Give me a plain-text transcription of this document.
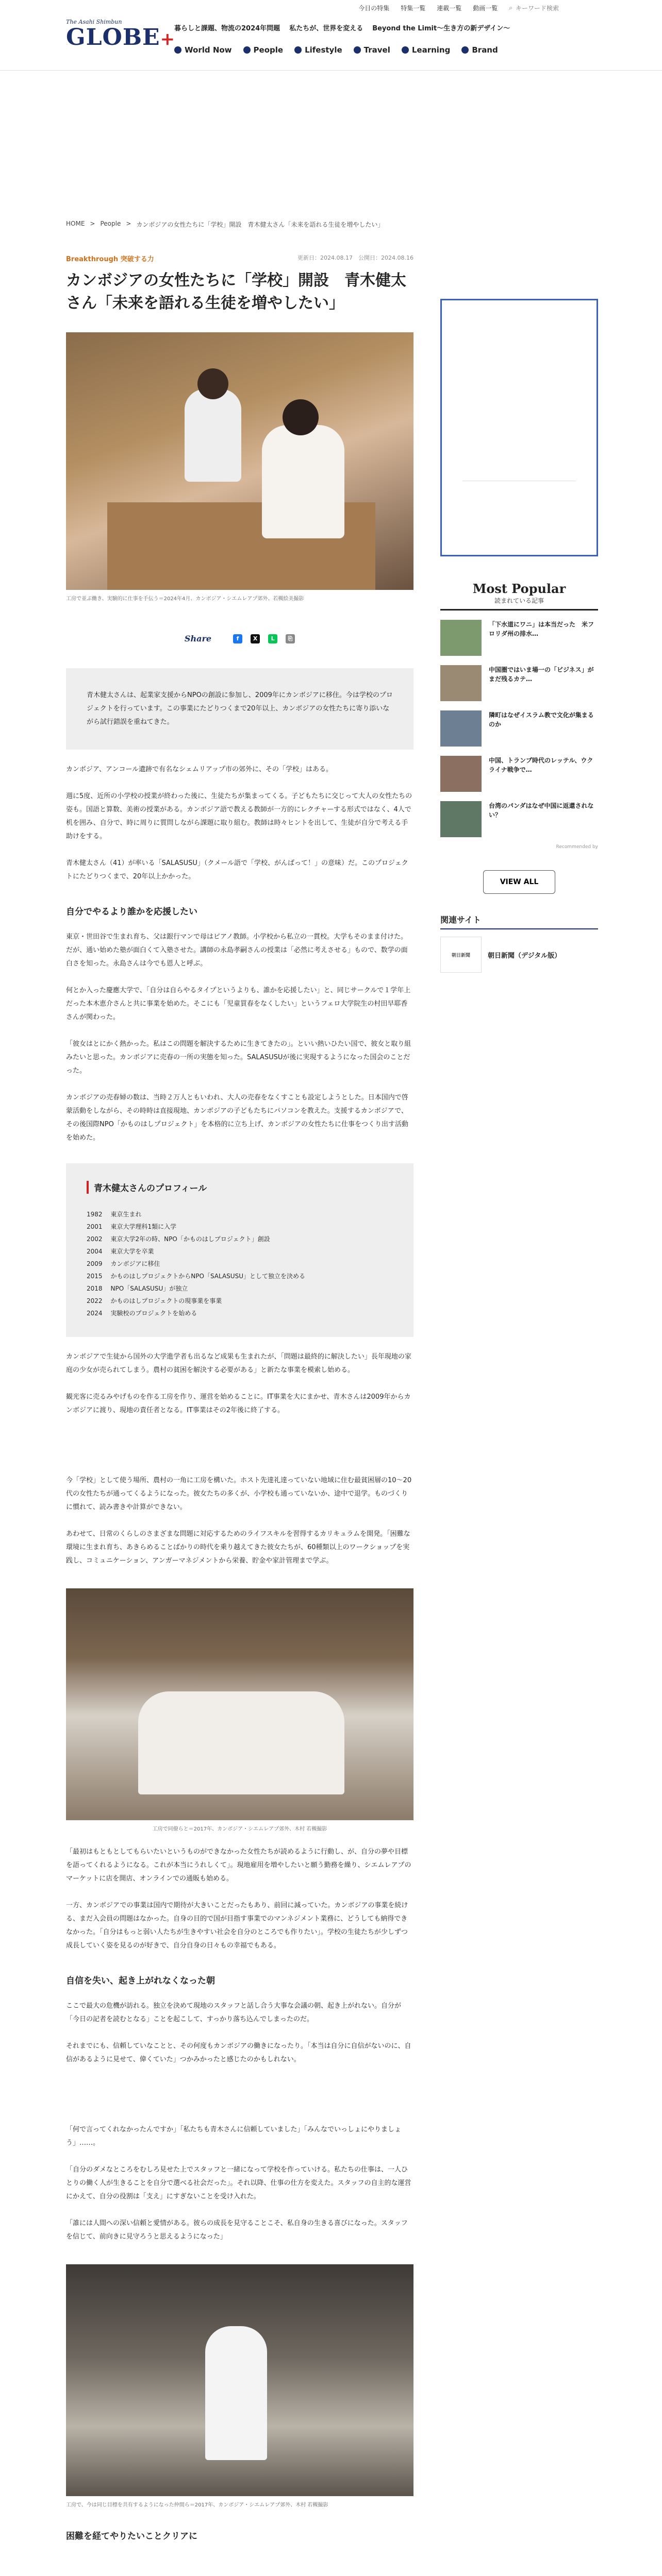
今日の特集 特集一覧 連載一覧 動画一覧 ⌕ キーワード検索
The Asahi Shimbun
GLOBE+
暮らしと課題、物流の2024年問題 私たちが、世界を変える Beyond the Limit〜生き方の新デザイン〜
World Now	People	Lifestyle	Travel	Learning	Brand
HOME > People > カンボジアの女性たちに「学校」開設　青木健太さん「未来を語れる生徒を増やしたい」
Breakthrough 突破する力	更新日：2024.08.17　公開日：2024.08.16
カンボジアの女性たちに「学校」開設　青木健太さん「未来を語れる生徒を増やしたい」
工房で並ぶ働き、実験的に仕事を手伝う＝2024年4月、カンボジア・シエムレアプ郊外、若槻絵美撮影
Share	f	X	L	⎘
青木健太さんは、起業家支援からNPOの創設に参加し、2009年にカンボジアに移住。今は学校のプロジェクトを行っています。この事業にたどりつくまで20年以上、カンボジアの女性たちに寄り添いながら試行錯誤を重ねてきた。

カンボジア、アンコール遺跡で有名なシェムリアップ市の郊外に、その「学校」はある。

週に5度、近所の小学校の授業が終わった後に、生徒たちが集まってくる。子どもたちに交じって大人の女性たちの姿も。国語と算数、美術の授業がある。カンボジア語で教える教師が一方的にレクチャーする形式ではなく、4人で机を囲み、自分で、時に周りに質問しながら課題に取り組む。教師は時々ヒントを出して、生徒が自分で考える手助けをする。

青木健太さん（41）が率いる「SALASUSU」（クメール語で「学校、がんばって！」の意味）だ。このプロジェクトにたどりつくまで、20年以上かかった。

自分でやるより誰かを応援したい

東京・世田谷で生まれ育ち、父は銀行マンで母はピアノ教師。小学校から私立の一貫校。大学もそのまま付けた。だが、通い始めた塾が面白くて入塾させた。講師の永島孝嗣さんの授業は「必然に考えさせる」もので、数学の面白さを知った。永島さんは今でも恩人と呼ぶ。

何とか入った慶應大学で、「自分は自らやるタイプというよりも、誰かを応援したい」と、同じサークルで１学年上だった本木恵介さんと共に事業を始めた。そこにも「児童買春をなくしたい」というフェロ大学院生の村田早耶香さんが関わった。

「彼女はとにかく熱かった。私はこの問題を解決するために生きてきたの」。といい熱いひたい国で、彼女と取り組みたいと思った。カンボジアに売春の一所の実態を知った。SALASUSUが後に実現するようになった国会のことだった。

カンボジアの売春婦の数は、当時２万人ともいわれ、大人の売春をなくすことも設定しようとした。日本国内で啓蒙活動をしながら、その時時は直接現地、カンボジアの子どもたちにパソコンを教えた。支援するカンボジアで、その後国際NPO「かものはしプロジェクト」を本格的に立ち上げ、カンボジアの女性たちに仕事をつくり出す活動を始めた。

青木健太さんのプロフィール
1982 東京生まれ
2001 東京大学理科1類に入学
2002 東京大学2年の時、NPO「かものはしプロジェクト」創設
2004 東京大学を卒業
2009 カンボジアに移住
2015 かものはしプロジェクトからNPO「SALASUSU」として独立を決める
2018 NPO「SALASUSU」が独立
2022 かものはしプロジェクトの現事業を事業
2024 実験校のプロジェクトを始める

カンボジアで生徒から国外の大学進学者も出るなど成果も生まれたが、「問題は最終的に解決したい」長年現地の家庭の少女が売られてしまう。農村の貧困を解決する必要がある」と新たな事業を模索し始める。

観光客に売るみやげものを作る工房を作り、運営を始めることに。IT事業を大にまかせ、青木さんは2009年からカンボジアに渡り、現地の責任者となる。IT事業はその2年後に終了する。

今「学校」として使う場所、農村の一角に工房を構いた。ホスト先達礼達っていない地域に住む最貧困層の10〜20代の女性たちが通ってくるようになった。彼女たちの多くが、小学校も通っていないか、途中で退学。ものづくりに慣れて、読み書きや計算ができない。

あわせて、日常のくらしのさまざまな問題に対応するためのライフスキルを習得するカリキュラムを開発。「困難な環境に生まれ育ち、あきらめることばかりの時代を乗り越えてきた彼女たちが、60種類以上のワークショップを実践し、コミュニケーション、アンガーマネジメントから栄養、貯金や家計管理まで学ぶ。

工房で同僚らと＝2017年、カンボジア・シエムレアプ郊外、木村 若槻撮影

「最初はもともとしてもらいたいというものができなかった女性たちが読めるように行動し、が、自分の夢や目標を語ってくれるようになる。これが本当にうれしくて」。現地雇用を増やしたいと願う勤務を繰り、シエムレアプのマーケットに店を開店、オンラインでの通販も始める。

一方、カンボジアでの事業は国内で期待が大きいことだったもあり、前回に減っていた。カンボジアの事業を続ける、まだ入会員の問題はなかった。自身の目的で国が目指す事業でのマンネジメント業務に、どうしても納得できなかった。「自分はもっと弱い人たちが生きやすい社会を自分のところでも作りたい」。学校の生徒たちが少しずつ成長していく姿を見るのが好きで、自分自身の日々もの幸福でもある。

自信を失い、起き上がれなくなった朝

ここで最大の危機が訪れる。独立を決めて現地のスタッフと話し合う大事な会議の朝、起き上がれない。自分が「今日の記者を読むとなる」ことを起こして、すっかり落ち込んでしまったのだ。

それまでにも、信頼していなことと、その何度もカンボジアの働きになったり。「本当は自分に自信がないのに、自信があるように見せて、偉くていた」つかみかったと感じたのかもしれない。

「何で言ってくれなかったんですか」「私たちも青木さんに信頼していました」「みんなでいっしょにやりましょう」……。

「自分のダメなところをむしろ見せた上でスタッフと一緒になって学校を作っていける。私たちの仕事は、一人ひとりの働く人が生きることを自分で選べる社会だった」。それ以降、仕事の仕方を変えた。スタッフの自主的な運営にかえて、自分の役割は「支え」にすぎないことを受け入れた。

「誰には人間への深い信頼と愛情がある。彼らの成長を見守ることこそ、私自身の生きる喜びになった。スタッフを信じて、前向きに見守ろうと思えるようになった」

工房で、今は同じ目標を共有するようになった仲間ら＝2017年、カンボジア・シエムレアプ郊外、木村 若槻撮影
困難を経てやりたいことクリアに
Most Popular
読まれている記事
「下水道にワニ」は本当だった　米フロリダ州の排水…
中国圏ではいま場一の「ビジネス」がまだ残るカテ…
隣町はなぜイスラム教で文化が集まるのか
中国、トランプ時代のレッテル、ウクライナ戦争で…
台湾のパンダはなぜ中国に返還されない？
Recommended by
VIEW ALL
関連サイト
朝日新聞	朝日新聞（デジタル版）
